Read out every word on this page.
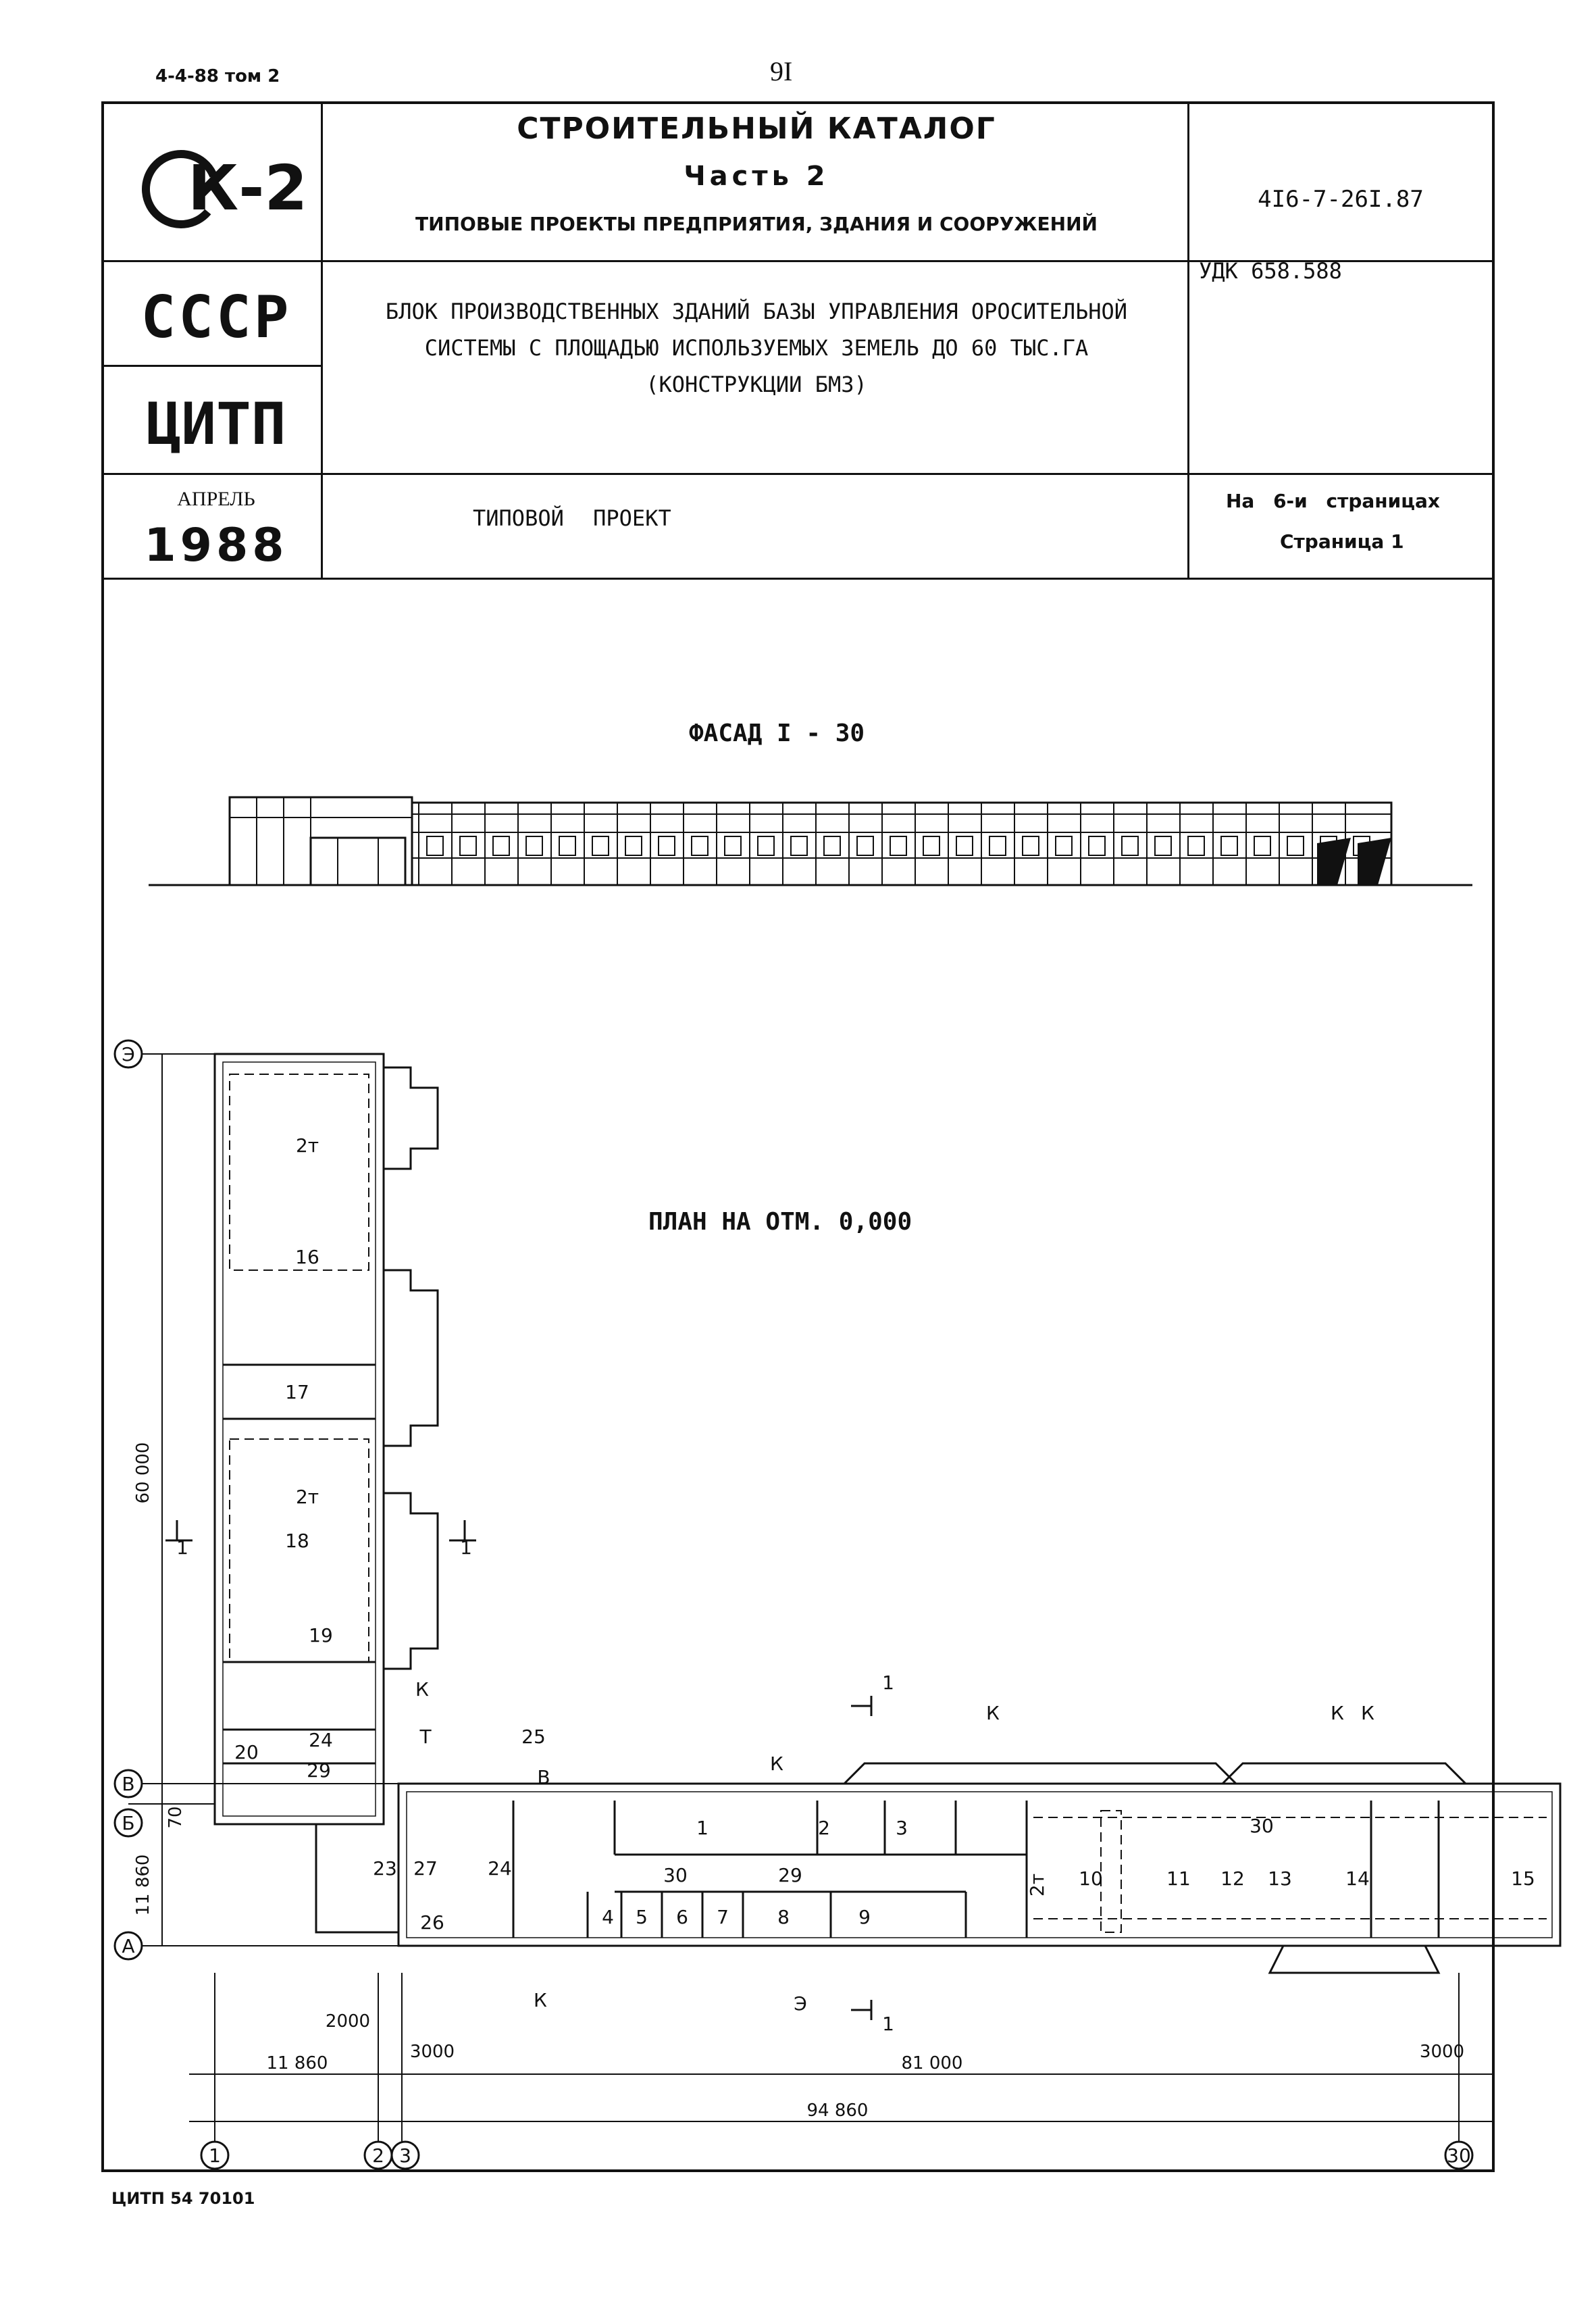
4-4-88 том 2	9I
К-2
СССР
ЦИТП
АПРЕЛЬ
1988
СТРОИТЕЛЬНЫЙ КАТАЛОГ
Часть 2
ТИПОВЫЕ ПРОЕКТЫ ПРЕДПРИЯТИЯ, ЗДАНИЯ И СООРУЖЕНИЙ
4I6-7-26I.87
УДК 658.588
БЛОК ПРОИЗВОДСТВЕННЫХ ЗДАНИЙ БАЗЫ УПРАВЛЕНИЯ ОРОСИТЕЛЬНОЙ
СИСТЕМЫ С ПЛОЩАДЬЮ ИСПОЛЬЗУЕМЫХ ЗЕМЕЛЬ ДО 60 ТЫС.ГА
(КОНСТРУКЦИИ БМЗ)
ТИПОВОЙ ПРОЕКТ
На 6-и страницах
Страница 1
ФАСАД I - 30
ПЛАН НА ОТМ. 0,000
Э
В
Б
А
1	2 3	30
60 000
11 860
70
2000
3000	3000
11 860	81 000
94 860
2т
16
17
2т
18
19
20
24
29
23 27	24
25
26	4 5 6 7	8	9
1	2	3
30	29	10	11 12 13	14	15
30
2т
1	1
1
1
К
Т
В
К
К	К К
К	Э
ЦИТП 54 70101
